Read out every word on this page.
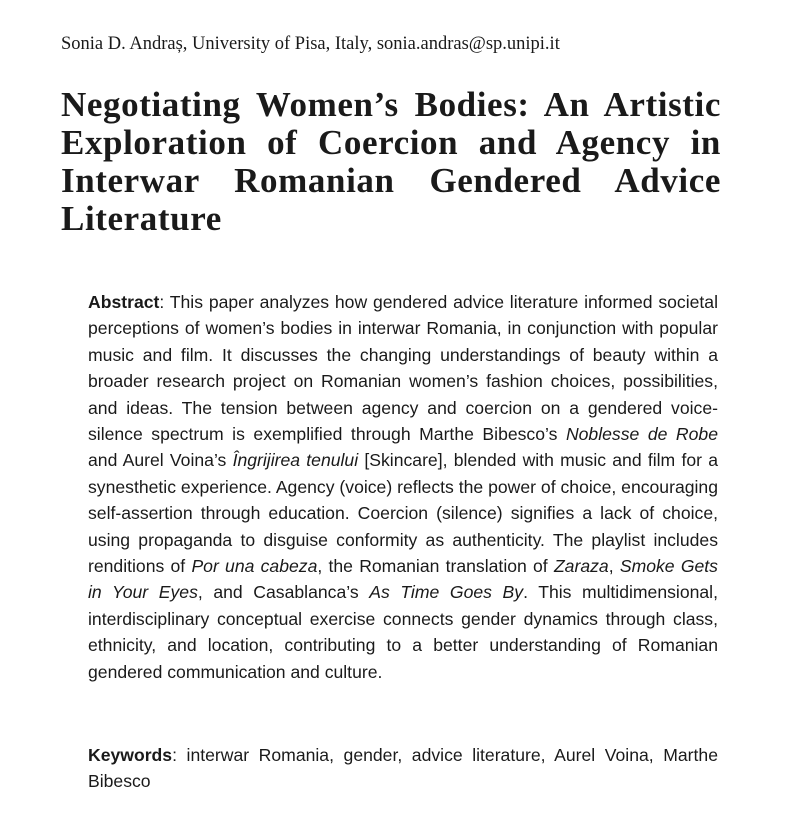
Sonia D. Andraș, University of Pisa, Italy, sonia.andras@sp.unipi.it
Negotiating Women’s Bodies: An Artistic Exploration of Coercion and Agency in Interwar Romanian Gendered Advice Literature
Abstract: This paper analyzes how gendered advice literature informed societal perceptions of women’s bodies in interwar Romania, in conjunction with popular music and film. It discusses the changing understandings of beauty within a broader research project on Romanian women’s fashion choices, possibilities, and ideas. The tension between agency and coercion on a gendered voice-silence spectrum is exemplified through Marthe Bibesco’s Noblesse de Robe and Aurel Voina’s Îngrijirea tenului [Skincare], blended with music and film for a synesthetic experience. Agency (voice) reflects the power of choice, encouraging self-assertion through education. Coercion (silence) signifies a lack of choice, using propaganda to disguise conformity as authenticity. The playlist includes renditions of Por una cabeza, the Romanian translation of Zaraza, Smoke Gets in Your Eyes, and Casablanca’s As Time Goes By. This multidimensional, interdisciplinary conceptual exercise connects gender dynamics through class, ethnicity, and location, contributing to a better understanding of Romanian gendered communication and culture.
Keywords: interwar Romania, gender, advice literature, Aurel Voina, Marthe Bibesco
